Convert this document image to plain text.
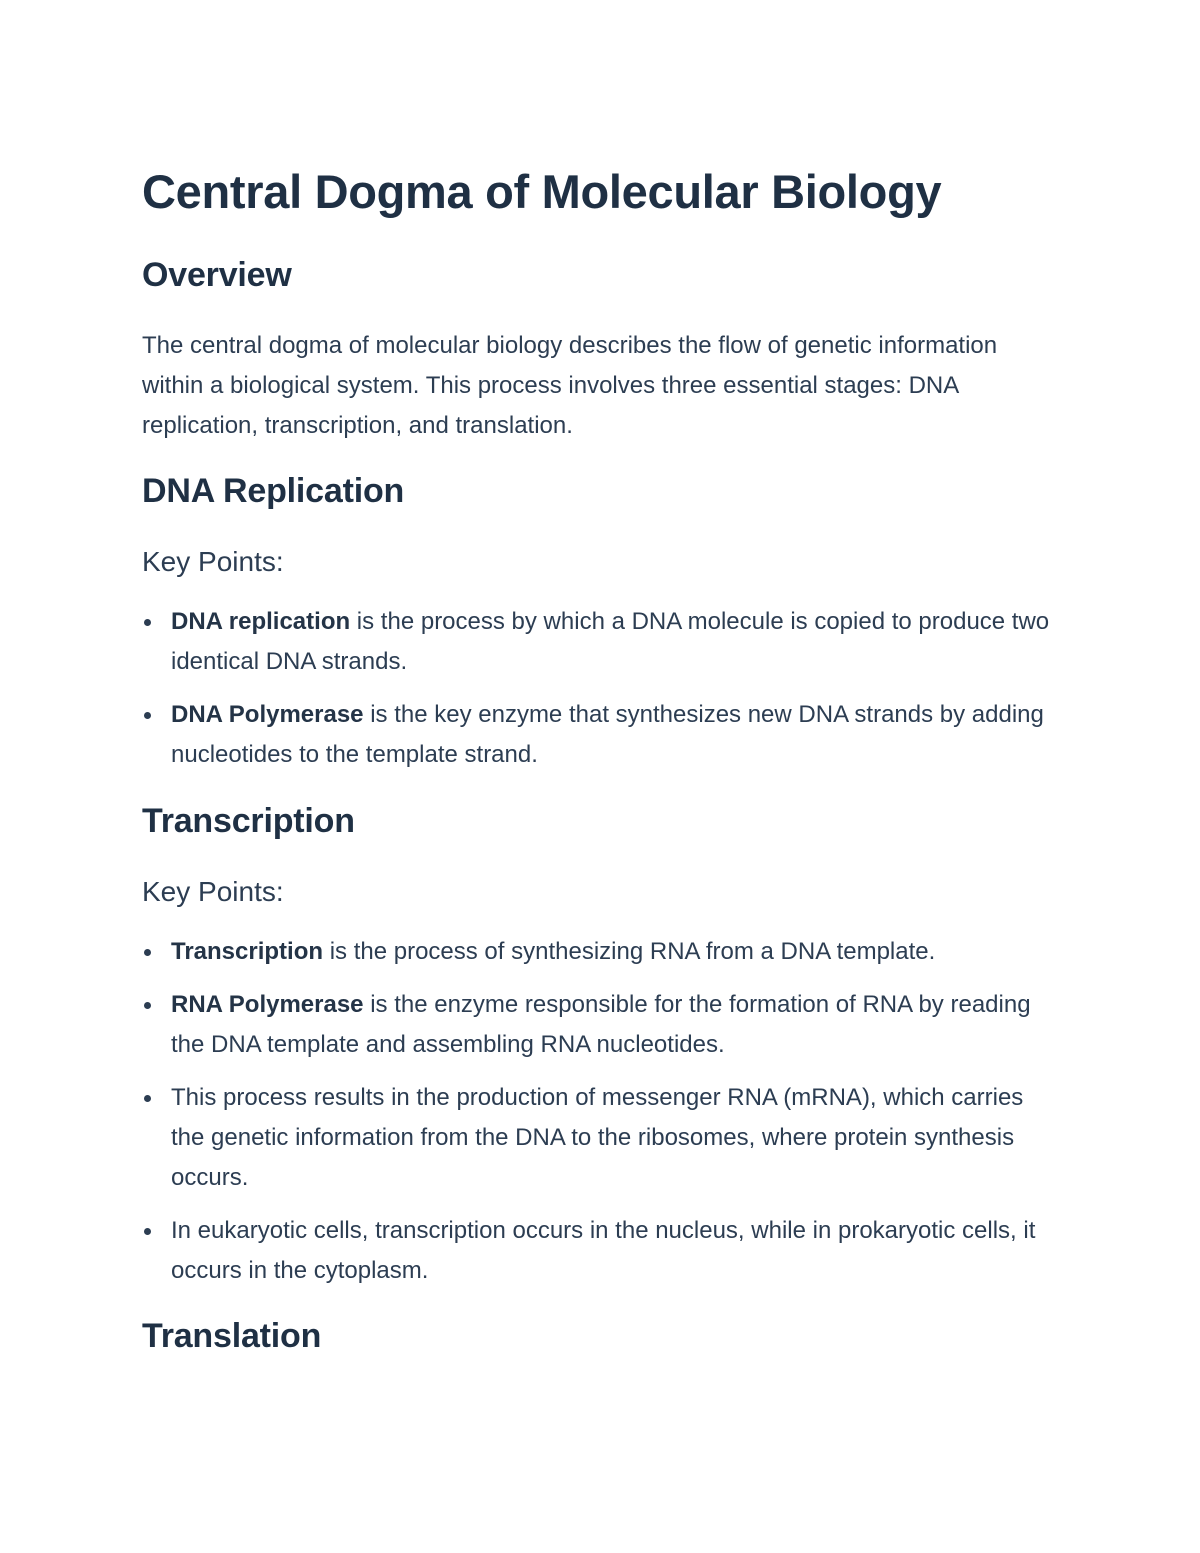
Central Dogma of Molecular Biology
Overview

The central dogma of molecular biology describes the flow of genetic information within a biological system. This process involves three essential stages: DNA replication, transcription, and translation.

DNA Replication

Key Points:

DNA replication is the process by which a DNA molecule is copied to produce two identical DNA strands.
DNA Polymerase is the key enzyme that synthesizes new DNA strands by adding nucleotides to the template strand.
Transcription

Key Points:

Transcription is the process of synthesizing RNA from a DNA template.
RNA Polymerase is the enzyme responsible for the formation of RNA by reading the DNA template and assembling RNA nucleotides.
This process results in the production of messenger RNA (mRNA), which carries the genetic information from the DNA to the ribosomes, where protein synthesis occurs.
In eukaryotic cells, transcription occurs in the nucleus, while in prokaryotic cells, it occurs in the cytoplasm.
Translation
